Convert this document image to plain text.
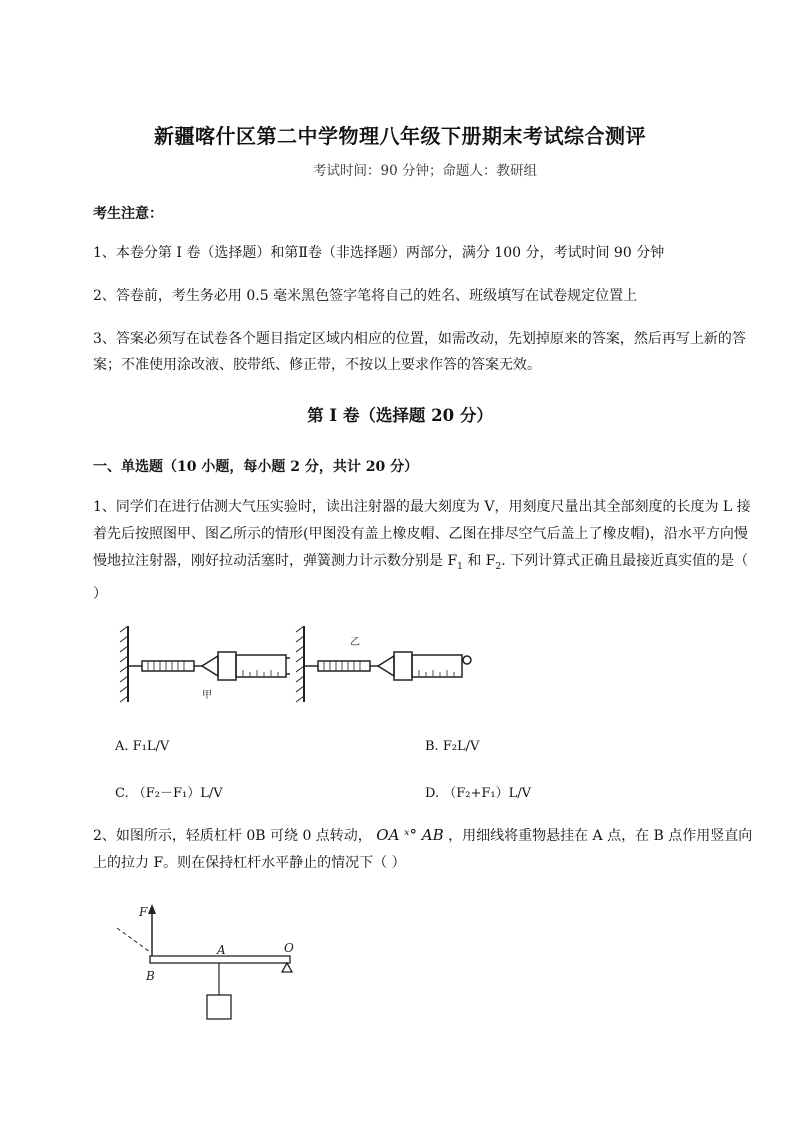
新疆喀什区第二中学物理八年级下册期末考试综合测评
考试时间：90 分钟；命题人：教研组
考生注意：
1、本卷分第 I 卷（选择题）和第Ⅱ卷（非选择题）两部分，满分 100 分，考试时间 90 分钟
2、答卷前，考生务必用 0.5 毫米黑色签字笔将自己的姓名、班级填写在试卷规定位置上
3、答案必须写在试卷各个题目指定区域内相应的位置，如需改动，先划掉原来的答案，然后再写上新的答案；不准使用涂改液、胶带纸、修正带，不按以上要求作答的答案无效。
第 I 卷（选择题 20 分）
一、单选题（10 小题，每小题 2 分，共计 20 分）
1、同学们在进行估测大气压实验时，读出注射器的最大刻度为 V，用刻度尺量出其全部刻度的长度为 L 接着先后按照图甲、图乙所示的情形(甲图没有盖上橡皮帽、乙图在排尽空气后盖上了橡皮帽)，沿水平方向慢慢地拉注射器，刚好拉动活塞时，弹簧测力计示数分别是 $F_1$ 和 $F_2$. 下列计算式正确且最接近真实值的是（ ）
甲
乙
A. F₁L/V	B. F₂L/V
C. （F₂－F₁）L/V	D. （F₂+F₁）L/V
2、如图所示，轻质杠杆 0B 可绕 0 点转动， OA ˣ° AB ，用细线将重物悬挂在 A 点，在 B 点作用竖直向上的拉力 F。则在保持杠杆水平静止的情况下（ ）
F
O
A
B
